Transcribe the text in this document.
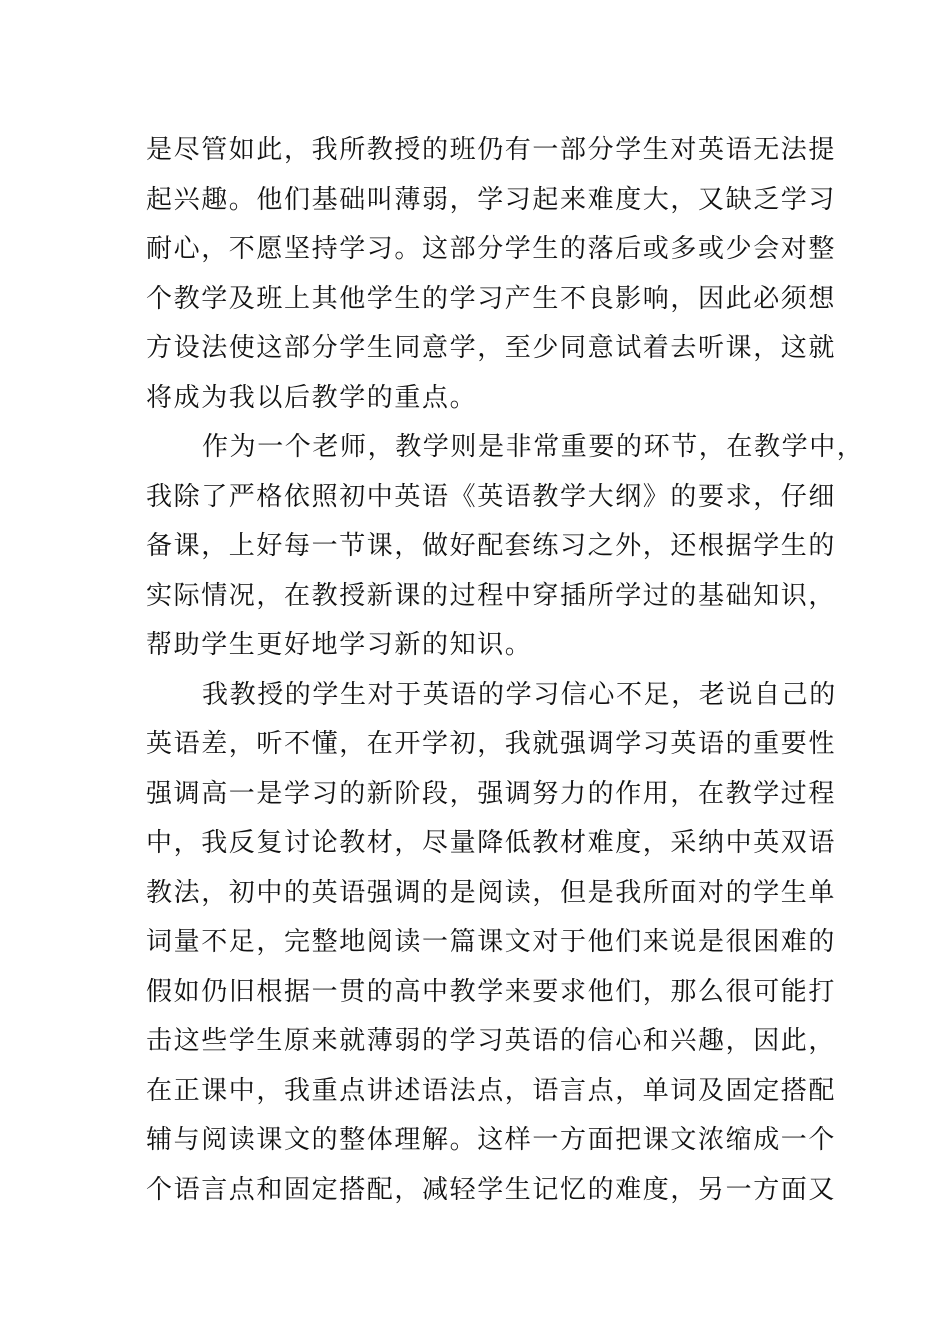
是尽管如此，我所教授的班仍有一部分学生对英语无法提
起兴趣。他们基础叫薄弱，学习起来难度大，又缺乏学习
耐心，不愿坚持学习。这部分学生的落后或多或少会对整
个教学及班上其他学生的学习产生不良影响，因此必须想
方设法使这部分学生同意学，至少同意试着去听课，这就
将成为我以后教学的重点。
作为一个老师，教学则是非常重要的环节，在教学中，
我除了严格依照初中英语《英语教学大纲》的要求，仔细
备课，上好每一节课，做好配套练习之外，还根据学生的
实际情况，在教授新课的过程中穿插所学过的基础知识，
帮助学生更好地学习新的知识。
我教授的学生对于英语的学习信心不足，老说自己的
英语差，听不懂，在开学初，我就强调学习英语的重要性
强调高一是学习的新阶段，强调努力的作用，在教学过程
中，我反复讨论教材，尽量降低教材难度，采纳中英双语
教法，初中的英语强调的是阅读，但是我所面对的学生单
词量不足，完整地阅读一篇课文对于他们来说是很困难的
假如仍旧根据一贯的高中教学来要求他们，那么很可能打
击这些学生原来就薄弱的学习英语的信心和兴趣，因此，
在正课中，我重点讲述语法点，语言点，单词及固定搭配
辅与阅读课文的整体理解。这样一方面把课文浓缩成一个
个语言点和固定搭配，减轻学生记忆的难度，另一方面又
